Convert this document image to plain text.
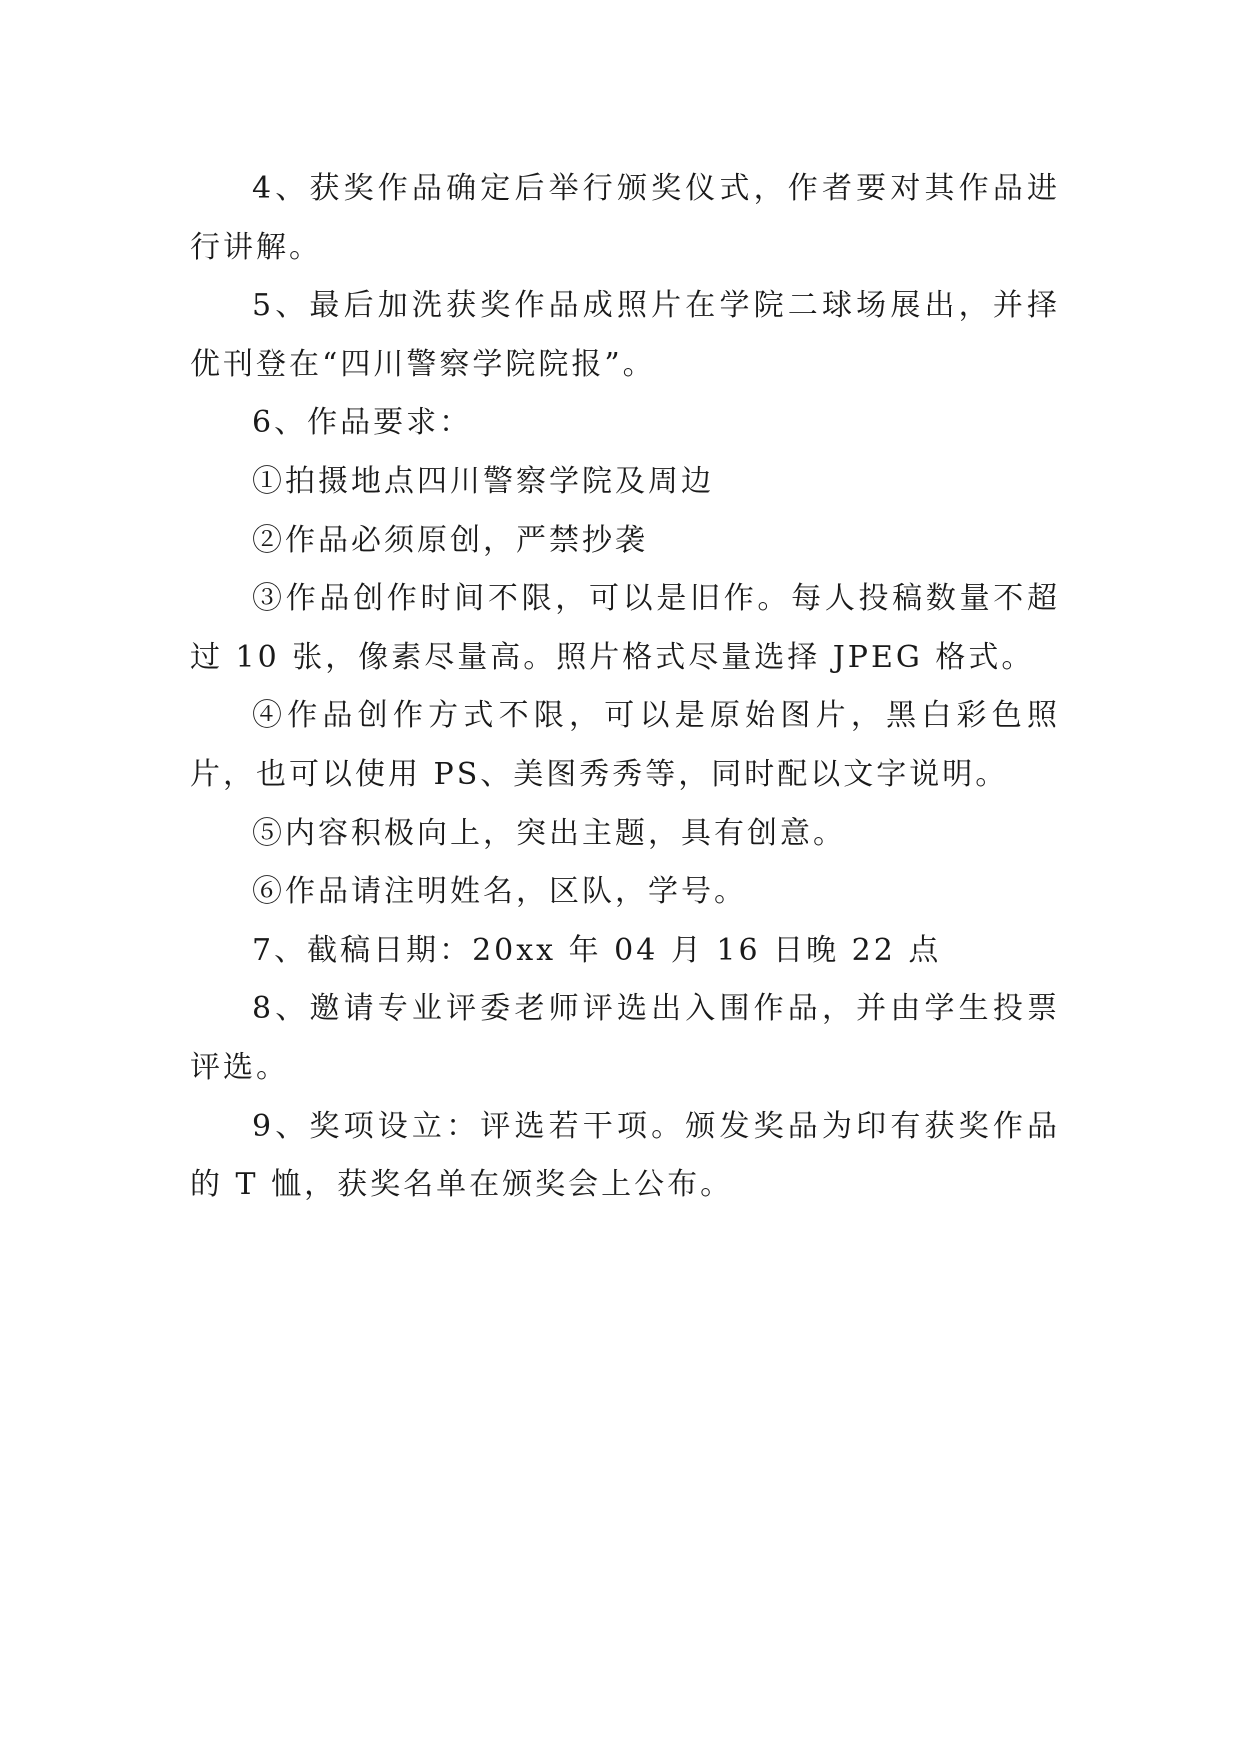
4、获奖作品确定后举行颁奖仪式，作者要对其作品进行讲解。

5、最后加洗获奖作品成照片在学院二球场展出，并择优刊登在“四川警察学院院报”。

6、作品要求：

①拍摄地点四川警察学院及周边

②作品必须原创，严禁抄袭

③作品创作时间不限，可以是旧作。每人投稿数量不超过 10 张，像素尽量高。照片格式尽量选择 JPEG 格式。

④作品创作方式不限，可以是原始图片，黑白彩色照片，也可以使用 PS、美图秀秀等，同时配以文字说明。

⑤内容积极向上，突出主题，具有创意。

⑥作品请注明姓名，区队，学号。

7、截稿日期：20xx 年 04 月 16 日晚 22 点

8、邀请专业评委老师评选出入围作品，并由学生投票评选。

9、奖项设立：评选若干项。颁发奖品为印有获奖作品的 T 恤，获奖名单在颁奖会上公布。
